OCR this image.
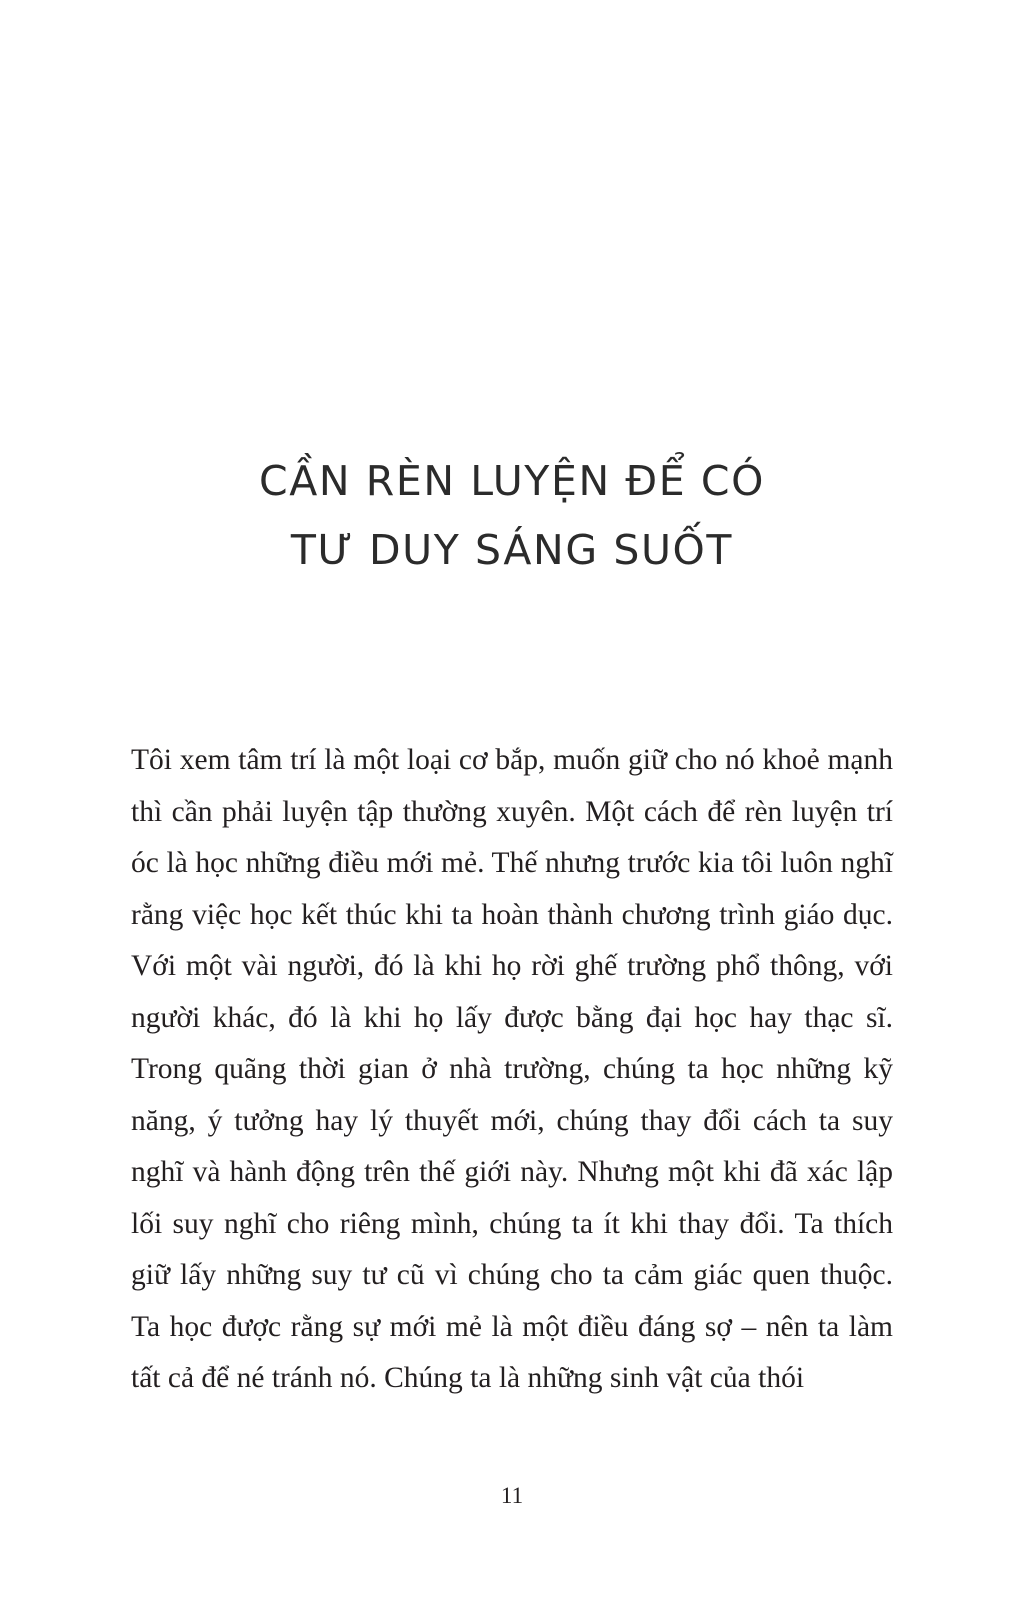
CẦN RÈN LUYỆN ĐỂ CÓ
TƯ DUY SÁNG SUỐT

Tôi xem tâm trí là một loại cơ bắp, muốn giữ cho nó khoẻ mạnh thì cần phải luyện tập thường xuyên. Một cách để rèn luyện trí óc là học những điều mới mẻ. Thế nhưng trước kia tôi luôn nghĩ rằng việc học kết thúc khi ta hoàn thành chương trình giáo dục. Với một vài người, đó là khi họ rời ghế trường phổ thông, với người khác, đó là khi họ lấy được bằng đại học hay thạc sĩ. Trong quãng thời gian ở nhà trường, chúng ta học những kỹ năng, ý tưởng hay lý thuyết mới, chúng thay đổi cách ta suy nghĩ và hành động trên thế giới này. Nhưng một khi đã xác lập lối suy nghĩ cho riêng mình, chúng ta ít khi thay đổi. Ta thích giữ lấy những suy tư cũ vì chúng cho ta cảm giác quen thuộc. Ta học được rằng sự mới mẻ là một điều đáng sợ – nên ta làm tất cả để né tránh nó. Chúng ta là những sinh vật của thói

11
